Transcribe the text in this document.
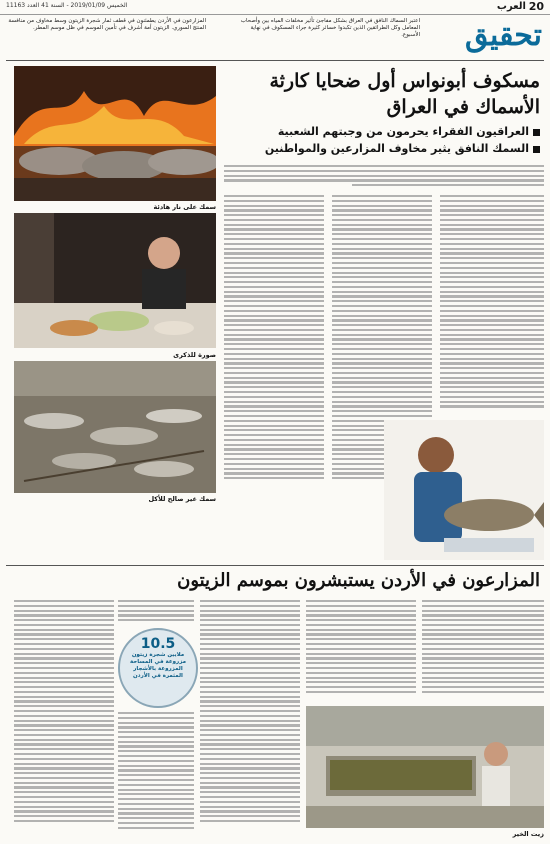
20
العرب
الخميس 2019/01/09 - السنة 41 العدد 11163
اعتبر السماك النافق في العراق بشكل مفاجئ تأثير مخلفات المياه بين وأصحاب المعامل وكل الطرائقين الذين تكبدوا خسائر كثيرة جراء المسكوف في نهاية الأسبوع.
المزارعون في الأردن يطمئنون في قطف ثمار شجرة الزيتون وسط مخاوف من منافسة المنتج السوري. الزيتون أمة أشرف في تأمين الموسم في ظل موسم المطر.	تحقيق
سمك على نار هادئة
صورة للذكرى
سمك غير صالح للأكل
مسكوف أبونواس أول ضحايا كارثة
الأسماك في العراق
العراقيون الفقراء يحرمون من وجبتهم الشعبية
السمك النافق يثير مخاوف المزارعين والمواطنين
المزارعون في الأردن يستبشرون بموسم الزيتون
10.5
ملايين شجرة زيتون مزروعة في المساحة المزروعة بالأشجار المثمرة في الأردن
زيت الخير
